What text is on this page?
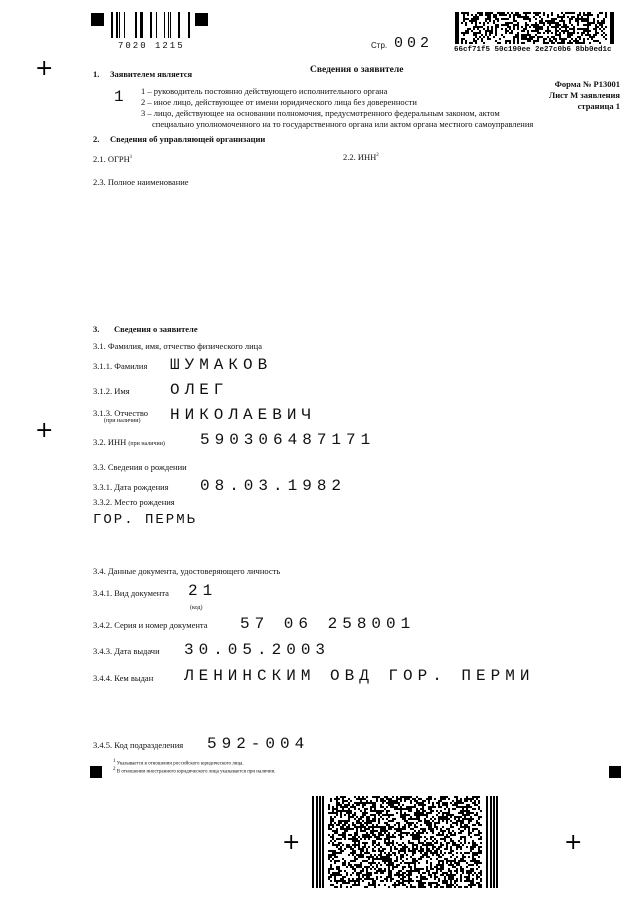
+
+
+	+
7020 1215	Стр. 002	66cf71f5 50c190ee 2e27c0b6 8bb0ed1c
Сведения о заявителе
Форма № Р13001
Лист М заявления
страница 1
1. Заявителем является
1 1 – руководитель постоянно действующего исполнительного органа
2 – иное лицо, действующее от имени юридического лица без доверенности
3 – лицо, действующее на основании полномочия, предусмотренного федеральным законом, актом
специально уполномоченного на то государственного органа или актом органа местного самоуправления
2. Сведения об управляющей организации
2.1. ОГРН$^1$	2.2. ИНН$^2$
2.3. Полное наименование
3. Сведения о заявителе
3.1. Фамилия, имя, отчество физического лица
3.1.1. Фамилия ШУМАКОВ
3.1.2. Имя	ОЛЕГ
3.1.3. Отчество
(при наличии) НИКОЛАЕВИЧ
3.2. ИНН (при наличии) 590306487171
3.3. Сведения о рождении
3.3.1. Дата рождения 08.03.1982
3.3.2. Место рождения
ГОР. ПЕРМЬ
3.4. Данные документа, удостоверяющего личность
3.4.1. Вид документа 21
(код)
3.4.2. Серия и номер документа 57 06 258001
3.4.3. Дата выдачи 30.05.2003
3.4.4. Кем выдан ЛЕНИНСКИМ ОВД ГОР. ПЕРМИ
3.4.5. Код подразделения 592-004
1 Указывается в отношении российского юридического лица.
2 В отношении иностранного юридического лица указывается при наличии.
